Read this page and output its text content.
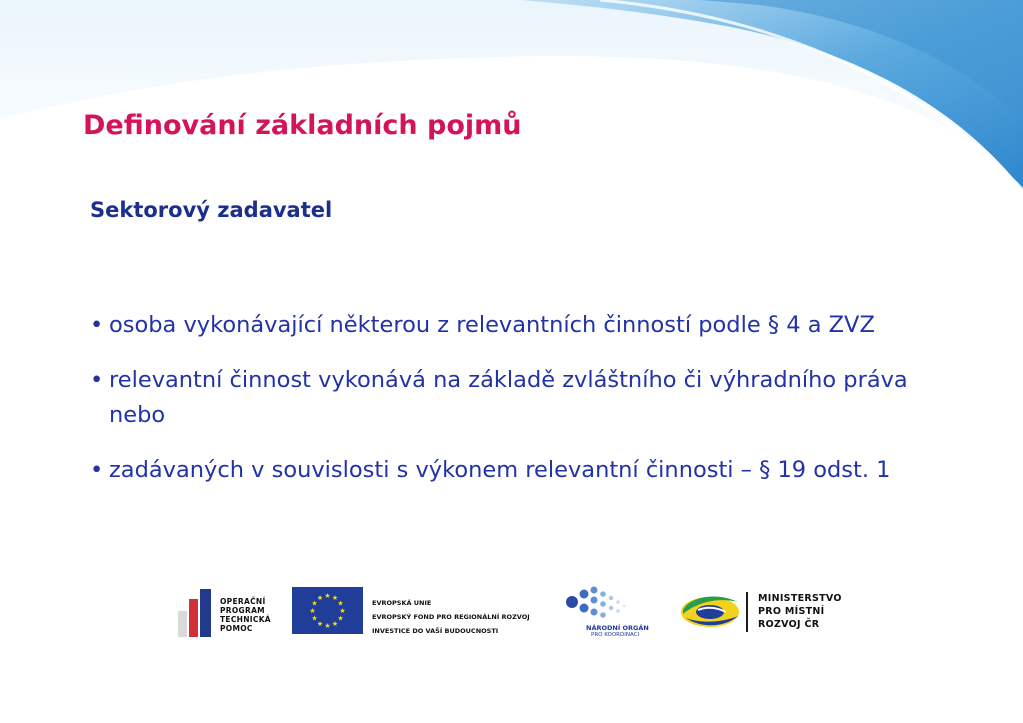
Definování základních pojmů
Sektorový zadavatel
• osoba vykonávající některou z relevantních činností podle § 4 a ZVZ
• relevantní činnost vykonává na základě zvláštního či výhradního práva nebo
• zadávaných v souvislosti s výkonem relevantní činnosti – § 19 odst. 1
OPERAČNÍ
PROGRAM
TECHNICKÁ
POMOC
★ ★
★
★
★
★
★
★
★
★
★
★
EVROPSKÁ UNIE
EVROPSKÝ FOND PRO REGIONÁLNÍ ROZVOJ
INVESTICE DO VAŠÍ BUDOUCNOSTI	NÁRODNÍ ORGÁN
PRO KOORDINACI
MINISTERSTVO
PRO MÍSTNÍ
ROZVOJ ČR
